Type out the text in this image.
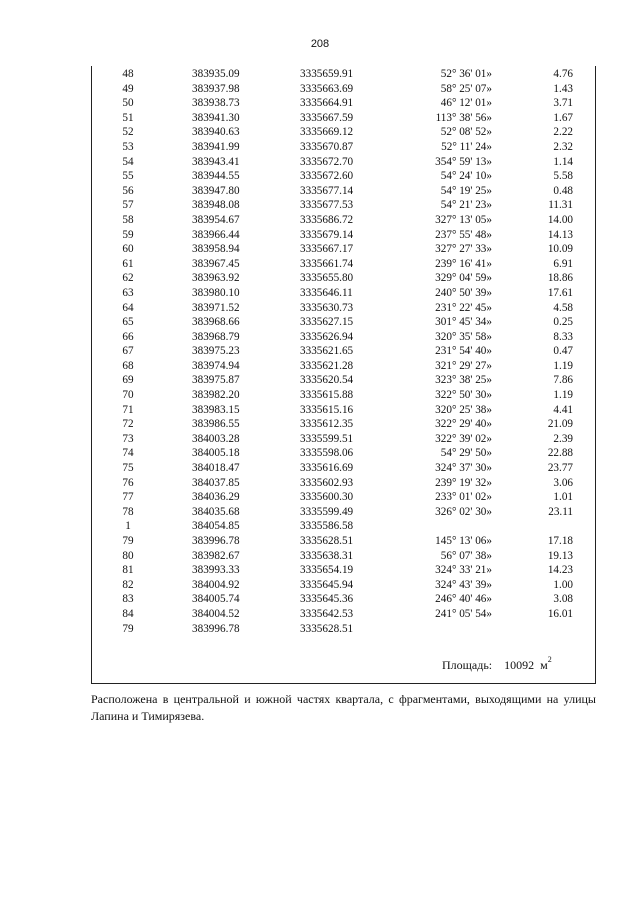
208
48	383935.09	3335659.91	52° 36' 01»	4.76
49	383937.98	3335663.69	58° 25' 07»	1.43
50	383938.73	3335664.91	46° 12' 01»	3.71
51	383941.30	3335667.59	113° 38' 56»	1.67
52	383940.63	3335669.12	52° 08' 52»	2.22
53	383941.99	3335670.87	52° 11' 24»	2.32
54	383943.41	3335672.70	354° 59' 13»	1.14
55	383944.55	3335672.60	54° 24' 10»	5.58
56	383947.80	3335677.14	54° 19' 25»	0.48
57	383948.08	3335677.53	54° 21' 23»	11.31
58	383954.67	3335686.72	327° 13' 05»	14.00
59	383966.44	3335679.14	237° 55' 48»	14.13
60	383958.94	3335667.17	327° 27' 33»	10.09
61	383967.45	3335661.74	239° 16' 41»	6.91
62	383963.92	3335655.80	329° 04' 59»	18.86
63	383980.10	3335646.11	240° 50' 39»	17.61
64	383971.52	3335630.73	231° 22' 45»	4.58
65	383968.66	3335627.15	301° 45' 34»	0.25
66	383968.79	3335626.94	320° 35' 58»	8.33
67	383975.23	3335621.65	231° 54' 40»	0.47
68	383974.94	3335621.28	321° 29' 27»	1.19
69	383975.87	3335620.54	323° 38' 25»	7.86
70	383982.20	3335615.88	322° 50' 30»	1.19
71	383983.15	3335615.16	320° 25' 38»	4.41
72	383986.55	3335612.35	322° 29' 40»	21.09
73	384003.28	3335599.51	322° 39' 02»	2.39
74	384005.18	3335598.06	54° 29' 50»	22.88
75	384018.47	3335616.69	324° 37' 30»	23.77
76	384037.85	3335602.93	239° 19' 32»	3.06
77	384036.29	3335600.30	233° 01' 02»	1.01
78	384035.68	3335599.49	326° 02' 30»	23.11
1	384054.85	3335586.58
79	383996.78	3335628.51	145° 13' 06»	17.18
80	383982.67	3335638.31	56° 07' 38»	19.13
81	383993.33	3335654.19	324° 33' 21»	14.23
82	384004.92	3335645.94	324° 43' 39»	1.00
83	384005.74	3335645.36	246° 40' 46»	3.08
84	384004.52	3335642.53	241° 05' 54»	16.01
79	383996.78	3335628.51
Площадь: 10092 $м^2$
Расположена в центральной и южной частях квартала, с фрагментами, выходящими на улицы Лапина и Тимирязева.
